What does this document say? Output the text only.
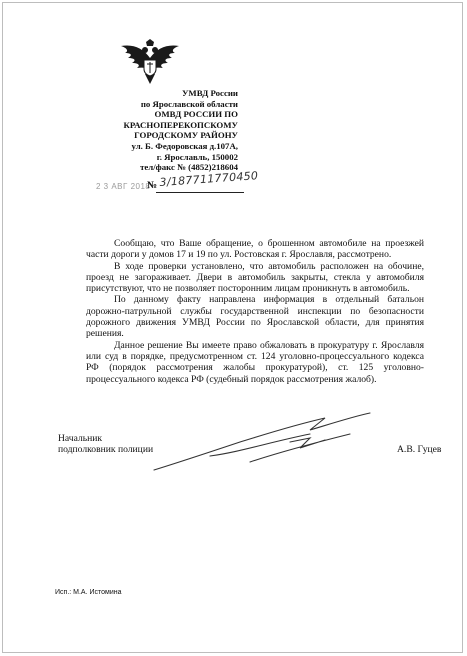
УМВД России
по Ярославской области
ОМВД РОССИИ ПО
КРАСНОПЕРЕКОПСКОМУ
ГОРОДСКОМУ РАЙОНУ
ул. Б. Федоровская д.107А,
г. Ярославль, 150002
тел/факс № (4852)218604
2 3 АВГ 2018
№ 3/187711770450

Сообщаю, что Ваше обращение, о брошенном автомобиле на проезжей части дороги у домов 17 и 19 по ул. Ростовская г. Ярославля, рассмотрено.

В ходе проверки установлено, что автомобиль расположен на обочине, проезд не загораживает. Двери в автомобиль закрыты, стекла у автомобиля присутствуют, что не позволяет посторонним лицам проникнуть в автомобиль.

По данному факту направлена информация в отдельный батальон дорожно-патрульной службы государственной инспекции по безопасности дорожного движения УМВД России по Ярославской области, для принятия решения.

Данное решение Вы имеете право обжаловать в прокуратуру г. Ярославля или суд в порядке, предусмотренном ст. 124 уголовно-процессуального кодекса РФ (порядок рассмотрения жалобы прокуратурой), ст. 125 уголовно-процессуального кодекса РФ (судебный порядок рассмотрения жалоб).

Начальник
подполковник полиции	А.В. Гуцев
Исп.: М.А. Истомина
